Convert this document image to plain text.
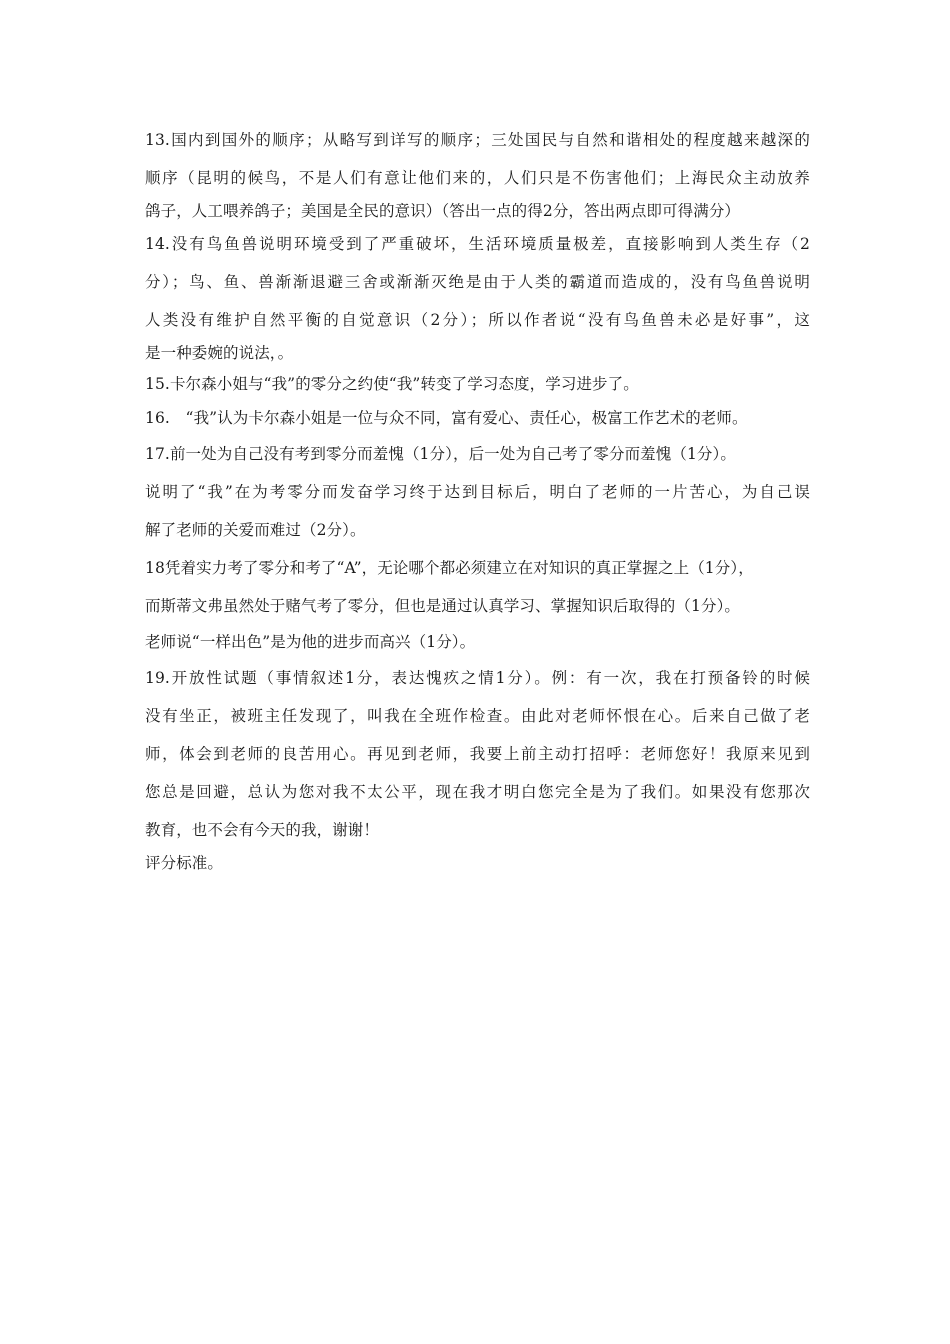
13.国内到国外的顺序；从略写到详写的顺序；三处国民与自然和谐相处的程度越来越深的
顺序（昆明的候鸟，不是人们有意让他们来的，人们只是不伤害他们；上海民众主动放养
鸽子，人工喂养鸽子；美国是全民的意识）（答出一点的得2分，答出两点即可得满分）
14.没有鸟鱼兽说明环境受到了严重破坏，生活环境质量极差，直接影响到人类生存（2
分）；鸟、鱼、兽渐渐退避三舍或渐渐灭绝是由于人类的霸道而造成的，没有鸟鱼兽说明
人类没有维护自然平衡的自觉意识（2分）；所以作者说“没有鸟鱼兽未必是好事”，这
是一种委婉的说法，。
15.卡尔森小姐与“我”的零分之约使“我”转变了学习态度，学习进步了。
16.　“我”认为卡尔森小姐是一位与众不同，富有爱心、责任心，极富工作艺术的老师。
17.前一处为自己没有考到零分而羞愧（1分），后一处为自己考了零分而羞愧（1分）。
说明了“我”在为考零分而发奋学习终于达到目标后，明白了老师的一片苦心，为自己误
解了老师的关爱而难过（2分）。
18凭着实力考了零分和考了“A”，无论哪个都必须建立在对知识的真正掌握之上（1分），
而斯蒂文弗虽然处于赌气考了零分，但也是通过认真学习、掌握知识后取得的（1分）。
老师说“一样出色”是为他的进步而高兴（1分）。
19.开放性试题（事情叙述1分，表达愧疚之情1分）。例：有一次，我在打预备铃的时候
没有坐正，被班主任发现了，叫我在全班作检查。由此对老师怀恨在心。后来自己做了老
师，体会到老师的良苦用心。再见到老师，我要上前主动打招呼：老师您好！我原来见到
您总是回避，总认为您对我不太公平，现在我才明白您完全是为了我们。如果没有您那次
教育，也不会有今天的我，谢谢！
评分标准。
